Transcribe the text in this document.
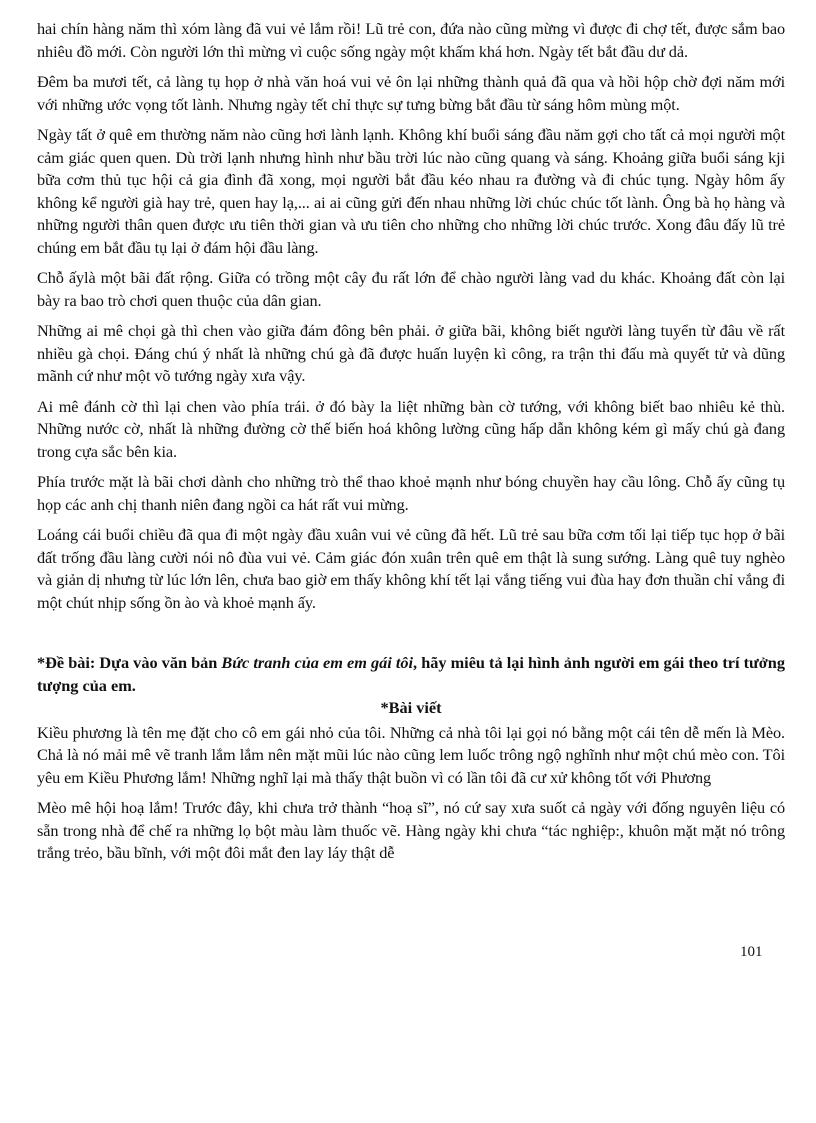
hai chín hàng năm thì xóm làng đã vui vẻ lắm rồi! Lũ trẻ con, đứa nào cũng mừng vì được đi chợ tết, được sắm bao nhiêu đồ mới. Còn người lớn thì mừng vì cuộc sống ngày một khấm khá hơn. Ngày tết bắt đầu dư dả.

Đêm ba mươi tết, cả làng tụ họp ở nhà văn hoá vui vẻ ôn lại những thành quả đã qua và hồi hộp chờ đợi năm mới với những ước vọng tốt lành. Nhưng ngày tết chỉ thực sự tưng bừng bắt đầu từ sáng hôm mùng một.

Ngày tất ở quê em thường năm nào cũng hơi lành lạnh. Không khí buổi sáng đầu năm gợi cho tất cả mọi người một cảm giác quen quen. Dù trời lạnh nhưng hình như bầu trời lúc nào cũng quang và sáng. Khoảng giữa buổi sáng kji bữa cơm thủ tục hội cả gia đình đã xong, mọi người bắt đầu kéo nhau ra đường và đi chúc tụng. Ngày hôm ấy không kể người già hay trẻ, quen hay lạ,... ai ai cũng gửi đến nhau những lời chúc chúc tốt lành. Ông bà họ hàng và những người thân quen được ưu tiên thời gian và ưu tiên cho những cho những lời chúc trước. Xong đâu đấy lũ trẻ chúng em bắt đầu tụ lại ở đám hội đầu làng.

Chỗ ấylà một bãi đất rộng. Giữa có trồng một cây đu rất lớn để chào người làng vad du khác. Khoảng đất còn lại bày ra bao trò chơi quen thuộc của dân gian.

Những ai mê chọi gà thì chen vào giữa đám đông bên phải. ở giữa bãi, không biết người làng tuyển từ đâu về rất nhiều gà chọi. Đáng chú ý nhất là những chú gà đã được huấn luyện kì công, ra trận thi đấu mà quyết tử và dũng mãnh cứ như một võ tướng ngày xưa vậy.

Ai mê đánh cờ thì lại chen vào phía trái. ở đó bày la liệt những bàn cờ tướng, với không biết bao nhiêu kẻ thù. Những nước cờ, nhất là những đường cờ thế biến hoá không lường cũng hấp dẫn không kém gì mấy chú gà đang trong cựa sắc bên kia.

Phía trước mặt là bãi chơi dành cho những trò thể thao khoẻ mạnh như bóng chuyền hay cầu lông. Chỗ ấy cũng tụ họp các anh chị thanh niên đang ngồi ca hát rất vui mừng.

Loáng cái buổi chiều đã qua đi một ngày đầu xuân vui vẻ cũng đã hết. Lũ trẻ sau bữa cơm tối lại tiếp tục họp ở bãi đất trống đầu làng cười nói nô đùa vui vẻ. Cảm giác đón xuân trên quê em thật là sung sướng. Làng quê tuy nghèo và giản dị nhưng từ lúc lớn lên, chưa bao giờ em thấy không khí tết lại vắng tiếng vui đùa hay đơn thuần chỉ vắng đi một chút nhịp sống ồn ào và khoẻ mạnh ấy.

*Đề bài: Dựa vào văn bản Bức tranh của em em gái tôi, hãy miêu tả lại hình ảnh người em gái theo trí tưởng tượng của em.

*Bài viết

Kiều phương là tên mẹ đặt cho cô em gái nhỏ của tôi. Những cả nhà tôi lại gọi nó bằng một cái tên dễ mến là Mèo. Chả là nó mải mê vẽ tranh lắm lắm nên mặt mũi lúc nào cũng lem luốc trông ngộ nghĩnh như một chú mèo con. Tôi yêu em Kiều Phương lắm! Những nghĩ lại mà thấy thật buồn vì có lần tôi đã cư xử không tốt với Phương

Mèo mê hội hoạ lắm! Trước đây, khi chưa trở thành “hoạ sĩ”, nó cứ say xưa suốt cả ngày với đống nguyên liệu có sẵn trong nhà để chế ra những lọ bột màu làm thuốc vẽ. Hàng ngày khi chưa “tác nghiệp:, khuôn mặt mặt nó trông trắng trẻo, bầu bĩnh, với một đôi mắt đen lay láy thật dễ

101
